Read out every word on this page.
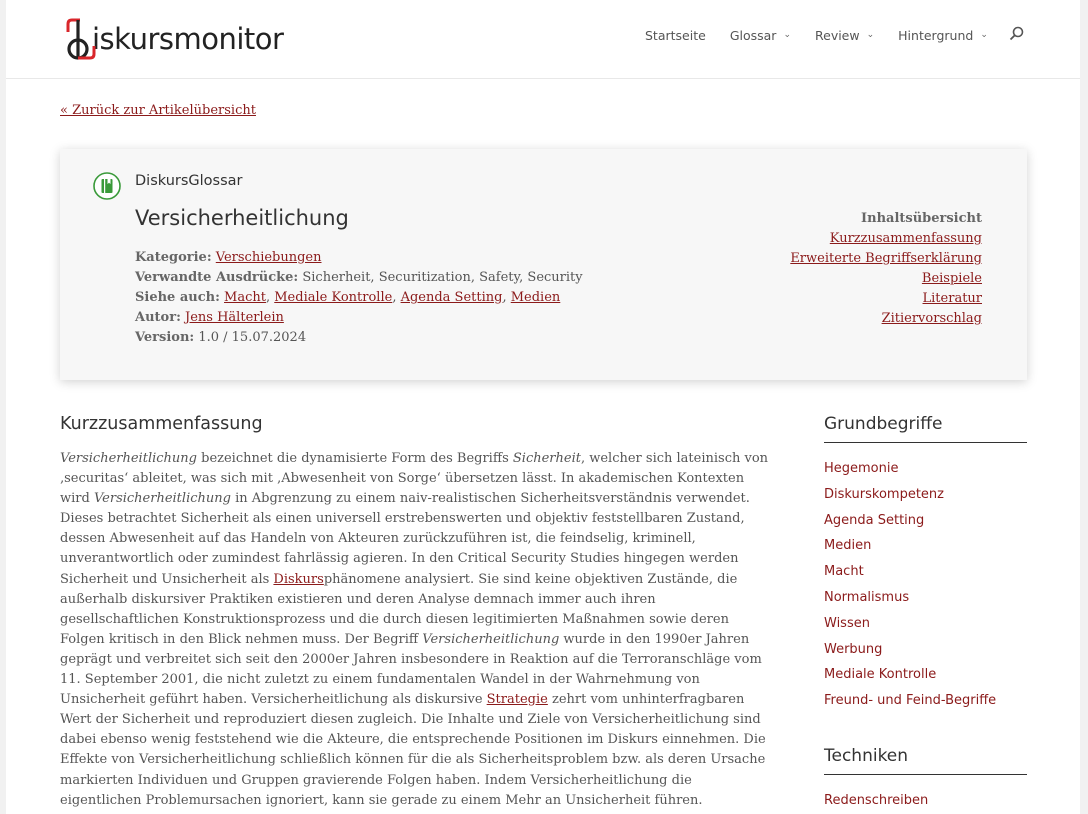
iskursmonitor	Startseite Glossar ⌄ Review ⌄ Hintergrund ⌄
« Zurück zur Artikelübersicht
DiskursGlossar
Versicherheitlichung
Kategorie: Verschiebungen
Verwandte Ausdrücke: Sicherheit, Securitization, Safety, Security
Siehe auch: Macht, Mediale Kontrolle, Agenda Setting, Medien
Autor: Jens Hälterlein
Version: 1.0 / 15.07.2024
Inhaltsübersicht
Kurzzusammenfassung
Erweiterte Begriffserklärung
Beispiele
Literatur
Zitiervorschlag
Kurzzusammenfassung

Versicherheitlichung bezeichnet die dynamisierte Form des Begriffs Sicherheit, welcher sich lateinisch von ‚securitas‘ ableitet, was sich mit ‚Abwesenheit von Sorge‘ übersetzen lässt. In akademischen Kontexten wird Versicherheitlichung in Abgrenzung zu einem naiv-realistischen Sicherheitsverständnis verwendet. Dieses betrachtet Sicherheit als einen universell erstrebenswerten und objektiv feststellbaren Zustand, dessen Abwesenheit auf das Handeln von Akteuren zurückzuführen ist, die feindselig, kriminell, unverantwortlich oder zumindest fahrlässig agieren. In den Critical Security Studies hingegen werden Sicherheit und Unsicherheit als Diskursphänomene analysiert. Sie sind keine objektiven Zustände, die außerhalb diskursiver Praktiken existieren und deren Analyse demnach immer auch ihren gesellschaftlichen Konstruktionsprozess und die durch diesen legitimierten Maßnahmen sowie deren Folgen kritisch in den Blick nehmen muss. Der Begriff Versicherheitlichung wurde in den 1990er Jahren geprägt und verbreitet sich seit den 2000er Jahren insbesondere in Reaktion auf die Terroranschläge vom 11. September 2001, die nicht zuletzt zu einem fundamentalen Wandel in der Wahrnehmung von Unsicherheit geführt haben. Versicherheitlichung als diskursive Strategie zehrt vom unhinterfragbaren Wert der Sicherheit und reproduziert diesen zugleich. Die Inhalte und Ziele von Versicherheitlichung sind dabei ebenso wenig feststehend wie die Akteure, die entsprechende Positionen im Diskurs einnehmen. Die Effekte von Versicherheitlichung schließlich können für die als Sicherheitsproblem bzw. als deren Ursache markierten Individuen und Gruppen gravierende Folgen haben. Indem Versicherheitlichung die eigentlichen Problemursachen ignoriert, kann sie gerade zu einem Mehr an Unsicherheit führen.

Grundbegriffe
Hegemonie
Diskurskompetenz
Agenda Setting
Medien
Macht
Normalismus
Wissen
Werbung
Mediale Kontrolle
Freund- und Feind-Begriffe
Techniken
Redenschreiben
